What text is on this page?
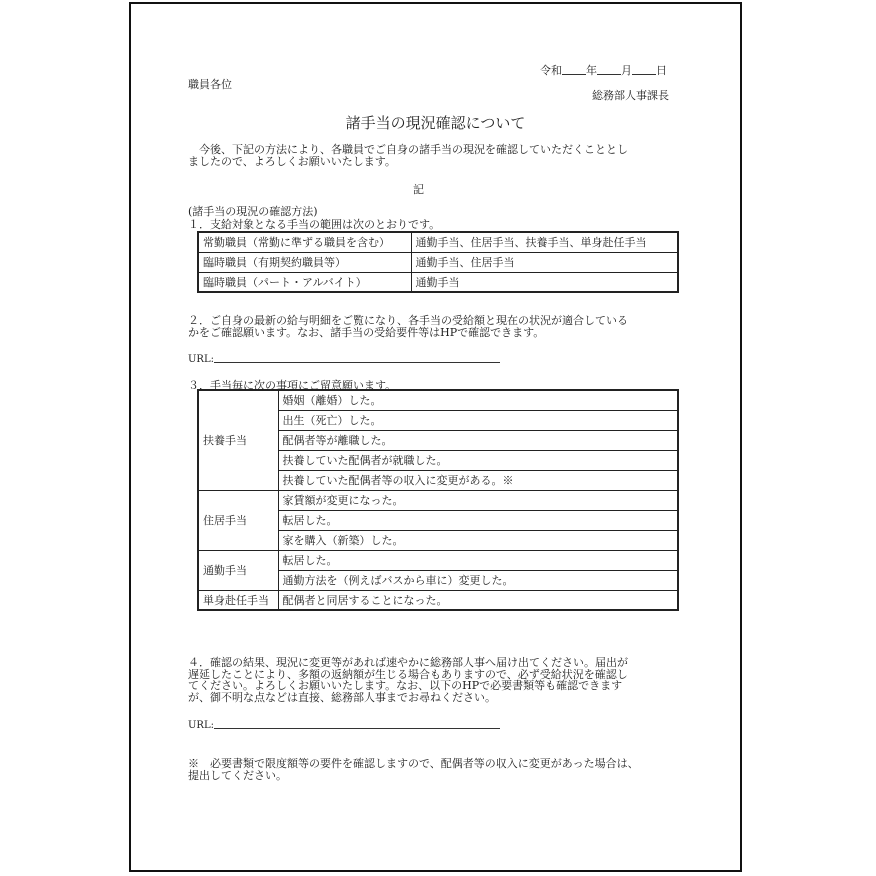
令和 年 月 日
職員各位
総務部人事課長
諸手当の現況確認について
今後、下記の方法により、各職員でご自身の諸手当の現況を確認していただくこととし
ましたので、よろしくお願いいたします。
記
(諸手当の現況の確認方法)
１．支給対象となる手当の範囲は次のとおりです。
常勤職員（常勤に準ずる職員を含む）	通勤手当、住居手当、扶養手当、単身赴任手当
臨時職員（有期契約職員等）	通勤手当、住居手当
臨時職員（パート・アルバイト）	通勤手当
２．ご自身の最新の給与明細をご覧になり、各手当の受給額と現在の状況が適合している
かをご確認願います。なお、諸手当の受給要件等はHPで確認できます。
URL:
３．手当毎に次の事項にご留意願います。
扶養手当	婚姻（離婚）した。
	出生（死亡）した。
	配偶者等が離職した。
	扶養していた配偶者が就職した。
	扶養していた配偶者等の収入に変更がある。※
住居手当	家賃額が変更になった。
	転居した。
	家を購入（新築）した。
通勤手当	転居した。
	通勤方法を（例えばバスから車に）変更した。
単身赴任手当	配偶者と同居することになった。
４．確認の結果、現況に変更等があれば速やかに総務部人事へ届け出てください。届出が
遅延したことにより、多額の返納額が生じる場合もありますので、必ず受給状況を確認し
てください。よろしくお願いいたします。なお、以下のHPで必要書類等も確認できます
が、御不明な点などは直接、総務部人事までお尋ねください。
URL:
※　必要書類で限度額等の要件を確認しますので、配偶者等の収入に変更があった場合は、
提出してください。
